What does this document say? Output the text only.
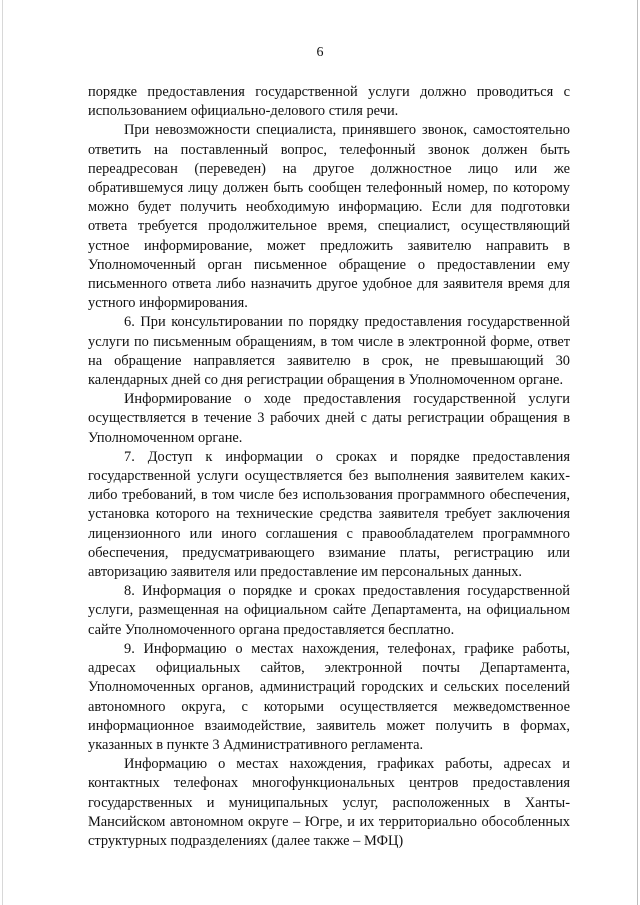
6

порядке предоставления государственной услуги должно проводиться с использованием официально-делового стиля речи.

При невозможности специалиста, принявшего звонок, самостоятельно ответить на поставленный вопрос, телефонный звонок должен быть переадресован (переведен) на другое должностное лицо или же обратившемуся лицу должен быть сообщен телефонный номер, по которому можно будет получить необходимую информацию. Если для подготовки ответа требуется продолжительное время, специалист, осуществляющий устное информирование, может предложить заявителю направить в Уполномоченный орган письменное обращение о предоставлении ему письменного ответа либо назначить другое удобное для заявителя время для устного информирования.

6. При консультировании по порядку предоставления государственной услуги по письменным обращениям, в том числе в электронной форме, ответ на обращение направляется заявителю в срок, не превышающий 30 календарных дней со дня регистрации обращения в Уполномоченном органе.

Информирование о ходе предоставления государственной услуги осуществляется в течение 3 рабочих дней с даты регистрации обращения в Уполномоченном органе.

7. Доступ к информации о сроках и порядке предоставления государственной услуги осуществляется без выполнения заявителем каких-либо требований, в том числе без использования программного обеспечения, установка которого на технические средства заявителя требует заключения лицензионного или иного соглашения с правообладателем программного обеспечения, предусматривающего взимание платы, регистрацию или авторизацию заявителя или предоставление им персональных данных.

8. Информация о порядке и сроках предоставления государственной услуги, размещенная на официальном сайте Департамента, на официальном сайте Уполномоченного органа предоставляется бесплатно.

9. Информацию о местах нахождения, телефонах, графике работы, адресах официальных сайтов, электронной почты Департамента, Уполномоченных органов, администраций городских и сельских поселений автономного округа, с которыми осуществляется межведомственное информационное взаимодействие, заявитель может получить в формах, указанных в пункте 3 Административного регламента.

Информацию о местах нахождения, графиках работы, адресах и контактных телефонах многофункциональных центров предоставления государственных и муниципальных услуг, расположенных в Ханты-Мансийском автономном округе – Югре, и их территориально обособленных структурных подразделениях (далее также – МФЦ)
